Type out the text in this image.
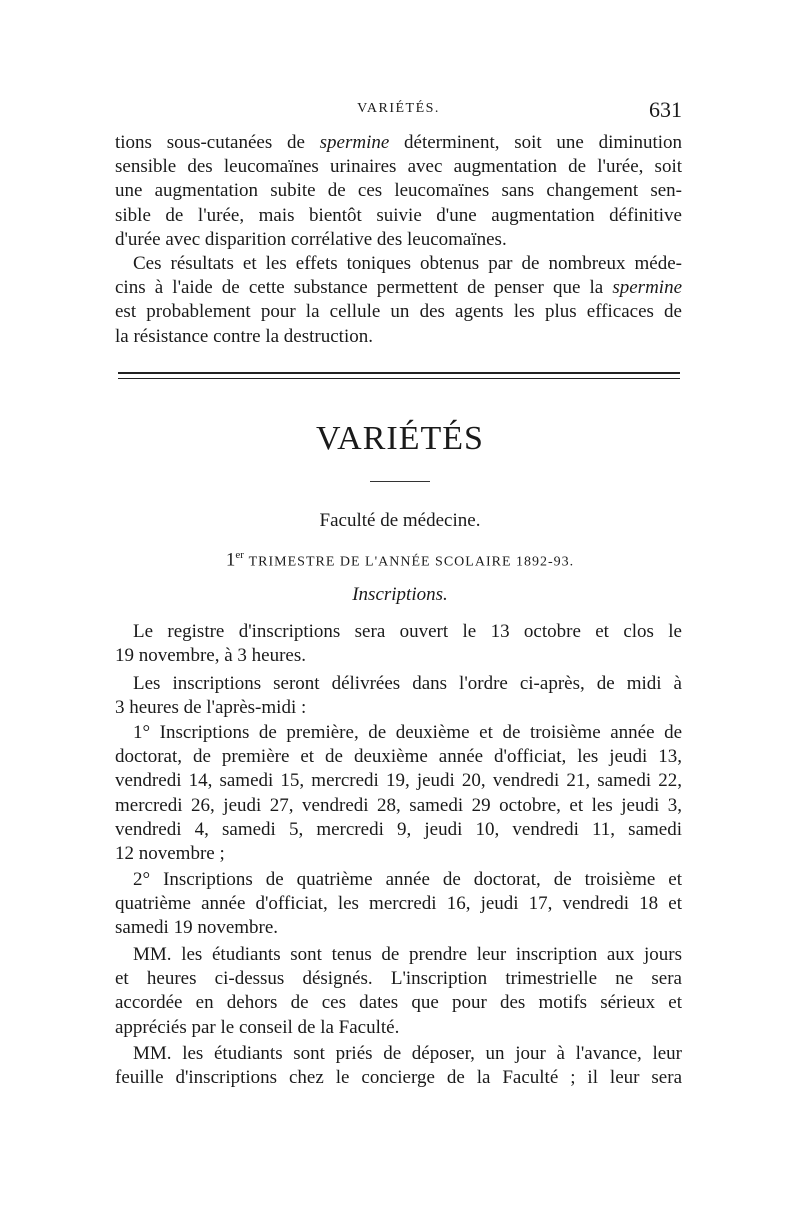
VARIÉTÉS.	631

tions sous-cutanées de spermine déterminent, soit une diminution
sensible des leucomaïnes urinaires avec augmentation de l'urée, soit
une augmentation subite de ces leucomaïnes sans changement sen-
sible de l'urée, mais bientôt suivie d'une augmentation définitive
d'urée avec disparition corrélative des leucomaïnes.

Ces résultats et les effets toniques obtenus par de nombreux méde-
cins à l'aide de cette substance permettent de penser que la spermine
est probablement pour la cellule un des agents les plus efficaces de
la résistance contre la destruction.

VARIÉTÉS
Faculté de médecine.
1er TRIMESTRE DE L'ANNÉE SCOLAIRE 1892-93.
Inscriptions.

Le registre d'inscriptions sera ouvert le 13 octobre et clos le
19 novembre, à 3 heures.

Les inscriptions seront délivrées dans l'ordre ci-après, de midi à
3 heures de l'après-midi :

1° Inscriptions de première, de deuxième et de troisième année de
doctorat, de première et de deuxième année d'officiat, les jeudi 13,
vendredi 14, samedi 15, mercredi 19, jeudi 20, vendredi 21, samedi 22,
mercredi 26, jeudi 27, vendredi 28, samedi 29 octobre, et les jeudi 3,
vendredi 4, samedi 5, mercredi 9, jeudi 10, vendredi 11, samedi
12 novembre ;

2° Inscriptions de quatrième année de doctorat, de troisième et
quatrième année d'officiat, les mercredi 16, jeudi 17, vendredi 18 et
samedi 19 novembre.

MM. les étudiants sont tenus de prendre leur inscription aux jours
et heures ci-dessus désignés. L'inscription trimestrielle ne sera
accordée en dehors de ces dates que pour des motifs sérieux et
appréciés par le conseil de la Faculté.

MM. les étudiants sont priés de déposer, un jour à l'avance, leur
feuille d'inscriptions chez le concierge de la Faculté ; il leur sera
